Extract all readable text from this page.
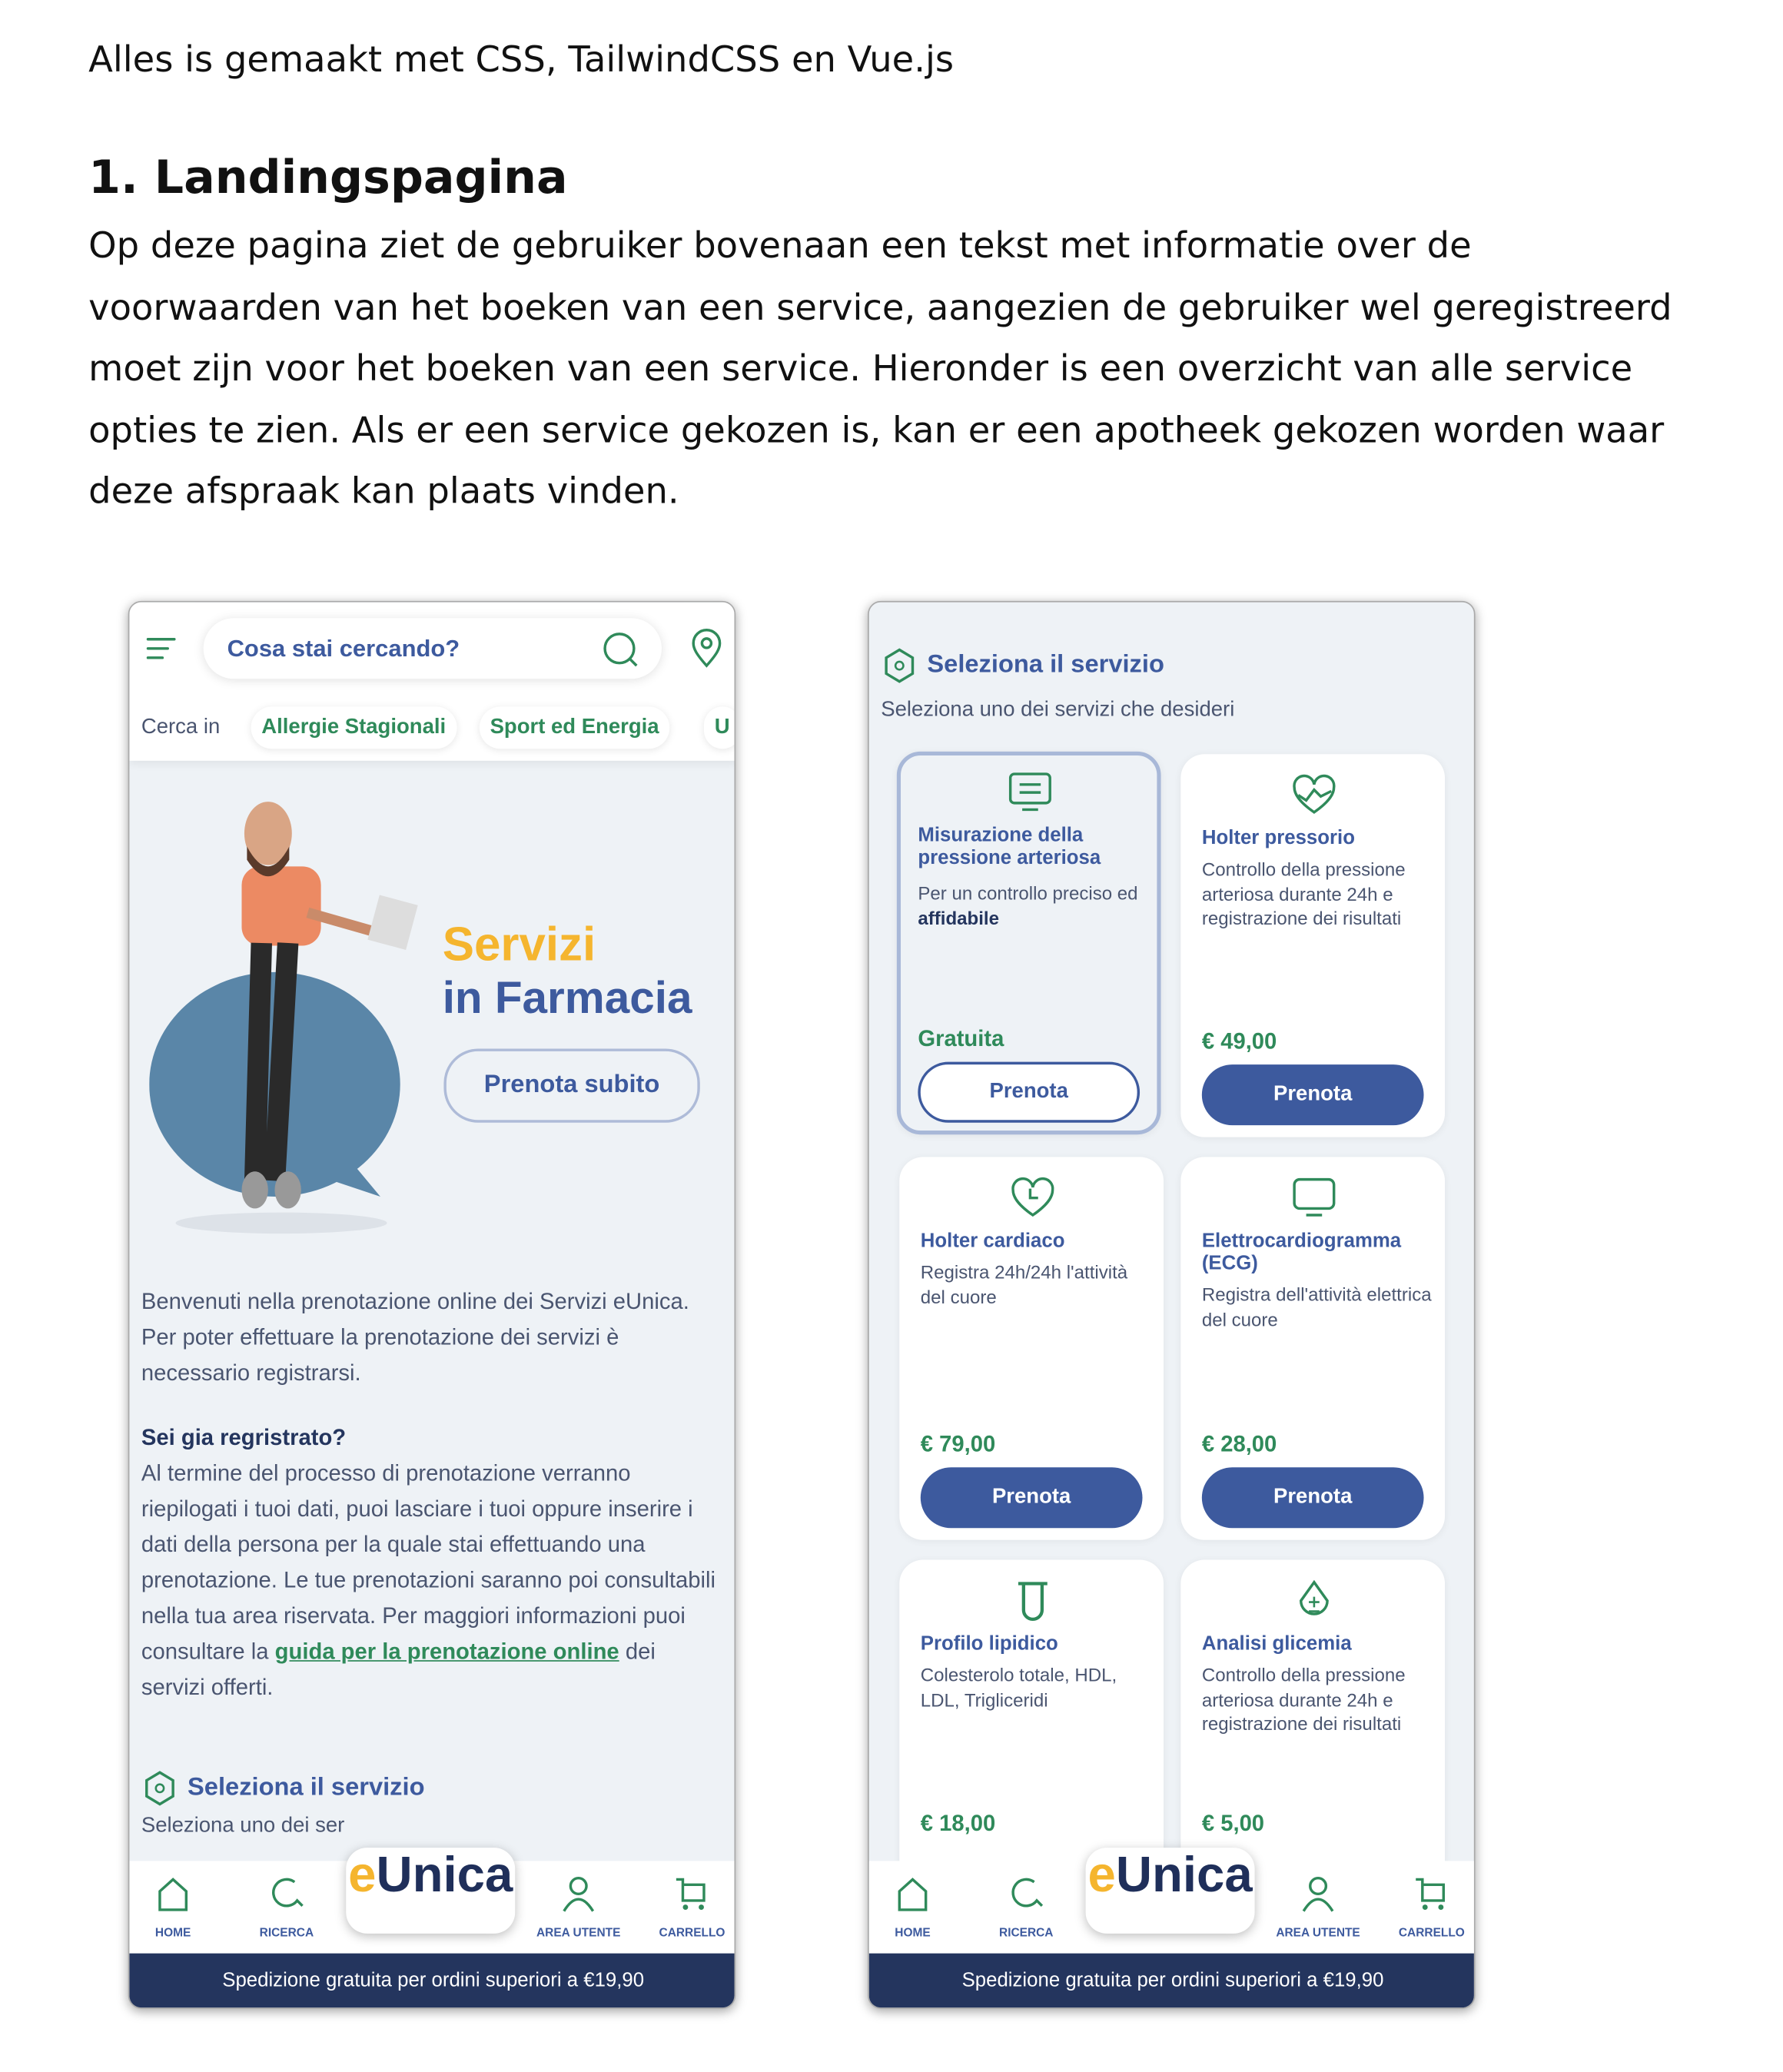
Alles is gemaakt met CSS, TailwindCSS en Vue.js
1. Landingspagina
Op deze pagina ziet de gebruiker bovenaan een tekst met informatie over de voorwaarden van het boeken van een service, aangezien de gebruiker wel geregistreerd moet zijn voor het boeken van een service. Hieronder is een overzicht van alle service opties te zien. Als er een service gekozen is, kan er een apotheek gekozen worden waar deze afspraak kan plaats vinden.
Cosa stai cercando?
Cerca in	Allergie Stagionali	Sport ed Energia	U
Servizi
in Farmacia
Prenota subito
Benvenuti nella prenotazione online dei Servizi eUnica. Per poter effettuare la prenotazione dei servizi è necessario registrarsi.
Sei gia regristrato?
Al termine del processo di prenotazione verranno riepilogati i tuoi dati, puoi lasciare i tuoi oppure inserire i dati della persona per la quale stai effettuando una prenotazione. Le tue prenotazioni saranno poi consultabili nella tua area riservata. Per maggiori informazioni puoi consultare la guida per la prenotazione online dei servizi offerti.
Seleziona il servizio
Seleziona uno dei ser
HOME	RICERCA
eUnica
AREA UTENTE	CARRELLO
Spedizione gratuita per ordini superiori a €19,90
Seleziona il servizio
Seleziona uno dei servizi che desideri
Misurazione della pressione arteriosa
Per un controllo preciso ed affidabile
Gratuita
Prenota
Holter pressorio
Controllo della pressione arteriosa durante 24h e registrazione dei risultati
€ 49,00
Prenota
Holter cardiaco
Registra 24h/24h l'attività del cuore
€ 79,00
Prenota
Elettrocardiogramma (ECG)
Registra dell'attività elettrica del cuore
€ 28,00
Prenota
Profilo lipidico
Colesterolo totale, HDL, LDL, Trigliceridi
€ 18,00
Analisi glicemia
Controllo della pressione arteriosa durante 24h e registrazione dei risultati
€ 5,00
HOME	RICERCA
eUnica
AREA UTENTE	CARRELLO
Spedizione gratuita per ordini superiori a €19,90
